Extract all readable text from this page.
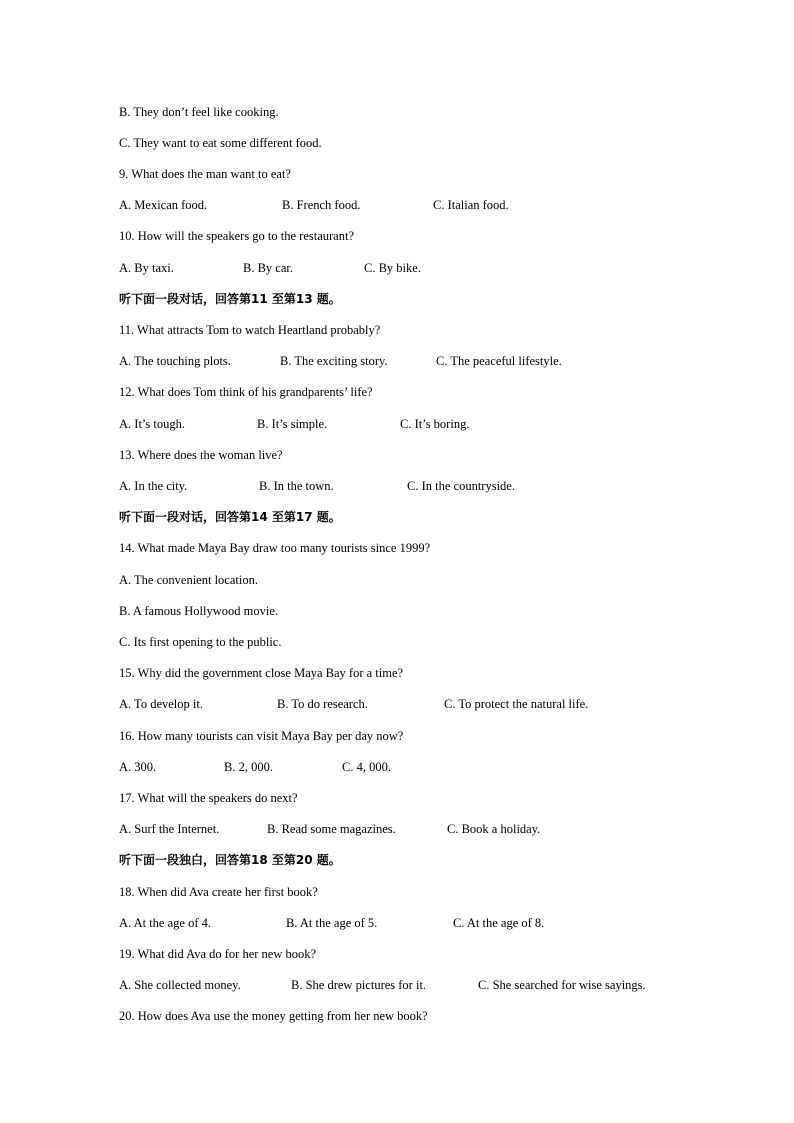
B. They don’t feel like cooking.
C. They want to eat some different food.
9. What does the man want to eat?
A. Mexican food.	B. French food.	C. Italian food.
10. How will the speakers go to the restaurant?
A. By taxi.	B. By car.	C. By bike.
听下面一段对话，回答第11 至第13 题。
11. What attracts Tom to watch Heartland probably?
A. The touching plots.	B. The exciting story.	C. The peaceful lifestyle.
12. What does Tom think of his grandparents’ life?
A. It’s tough.	B. It’s simple.	C. It’s boring.
13. Where does the woman live?
A. In the city.	B. In the town.	C. In the countryside.
听下面一段对话，回答第14 至第17 题。
14. What made Maya Bay draw too many tourists since 1999?
A. The convenient location.
B. A famous Hollywood movie.
C. Its first opening to the public.
15. Why did the government close Maya Bay for a time?
A. To develop it.	B. To do research.	C. To protect the natural life.
16. How many tourists can visit Maya Bay per day now?
A. 300.	B. 2, 000.	C. 4, 000.
17. What will the speakers do next?
A. Surf the Internet.	B. Read some magazines.	C. Book a holiday.
听下面一段独白，回答第18 至第20 题。
18. When did Ava create her first book?
A. At the age of 4.	B. At the age of 5.	C. At the age of 8.
19. What did Ava do for her new book?
A. She collected money.	B. She drew pictures for it.	C. She searched for wise sayings.
20. How does Ava use the money getting from her new book?
